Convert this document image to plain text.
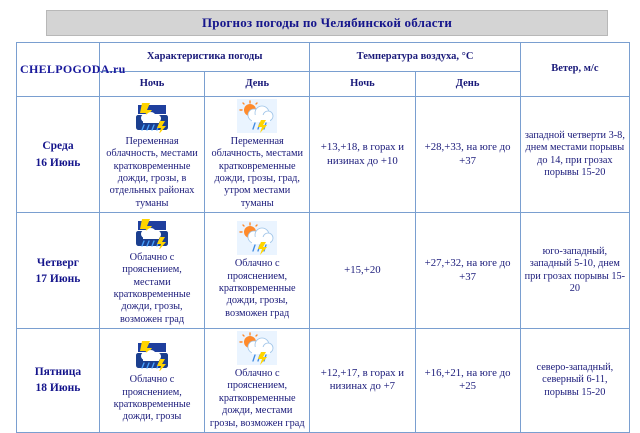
Прогноз погоды по Челябинской области
CHELPOGODA.ru	Характеристика погоды		Температура воздуха, °C		Ветер, м/с
	Ночь	День	Ночь	День	

Среда
16 Июнь	Переменная облачность, местами кратковременные дожди, грозы, в отдельных районах туманы	Переменная облачность, местами кратковременные дожди, грозы, град, утром местами туманы	+13,+18, в горах и низинах до +10	+28,+33, на юге до +37	западной четверти 3-8, днем местами порывы до 14, при грозах порывы 15-20

Четверг
17 Июнь	Облачно с прояснением, местами кратковременные дожди, грозы, возможен град	Облачно с прояснением, кратковременные дожди, грозы, возможен град	+15,+20	+27,+32, на юге до +37	юго-западный, западный 5-10, днем при грозах порывы 15-20

Пятница
18 Июнь	Облачно с прояснением, кратковременные дожди, грозы	Облачно с прояснением, кратковременные дожди, местами грозы, возможен град	+12,+17, в горах и низинах до +7	+16,+21, на юге до +25	северо-западный, северный 6-11, порывы 15-20
